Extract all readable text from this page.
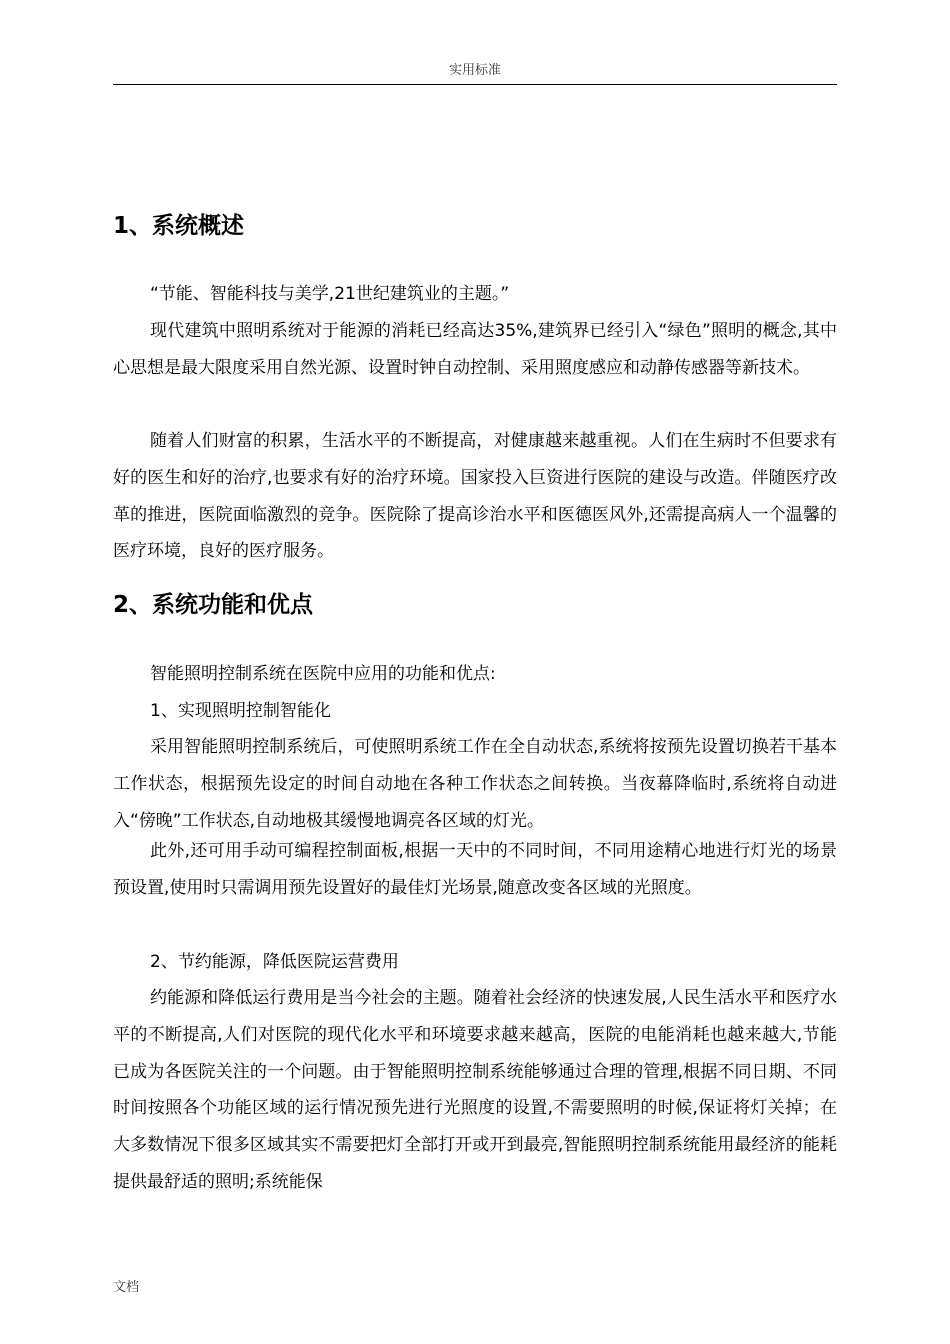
实用标准
1、系统概述

“节能、智能科技与美学,21世纪建筑业的主题。”

现代建筑中照明系统对于能源的消耗已经高达35%,建筑界已经引入“绿色”照明的概念,其中心思想是最大限度采用自然光源、设置时钟自动控制、采用照度感应和动静传感器等新技术。

随着人们财富的积累，生活水平的不断提高，对健康越来越重视。人们在生病时不但要求有好的医生和好的治疗,也要求有好的治疗环境。国家投入巨资进行医院的建设与改造。伴随医疗改革的推进，医院面临激烈的竞争。医院除了提高诊治水平和医德医风外,还需提高病人一个温馨的医疗环境，良好的医疗服务。

2、系统功能和优点

智能照明控制系统在医院中应用的功能和优点:

1、实现照明控制智能化

采用智能照明控制系统后，可使照明系统工作在全自动状态,系统将按预先设置切换若干基本工作状态，根据预先设定的时间自动地在各种工作状态之间转换。当夜幕降临时,系统将自动进入“傍晚”工作状态,自动地极其缓慢地调亮各区域的灯光。

此外,还可用手动可编程控制面板,根据一天中的不同时间，不同用途精心地进行灯光的场景预设置,使用时只需调用预先设置好的最佳灯光场景,随意改变各区域的光照度。

2、节约能源，降低医院运营费用

约能源和降低运行费用是当今社会的主题。随着社会经济的快速发展,人民生活水平和医疗水平的不断提高,人们对医院的现代化水平和环境要求越来越高，医院的电能消耗也越来越大,节能已成为各医院关注的一个问题。由于智能照明控制系统能够通过合理的管理,根据不同日期、不同时间按照各个功能区域的运行情况预先进行光照度的设置,不需要照明的时候,保证将灯关掉；在大多数情况下很多区域其实不需要把灯全部打开或开到最亮,智能照明控制系统能用最经济的能耗提供最舒适的照明;系统能保

文档
